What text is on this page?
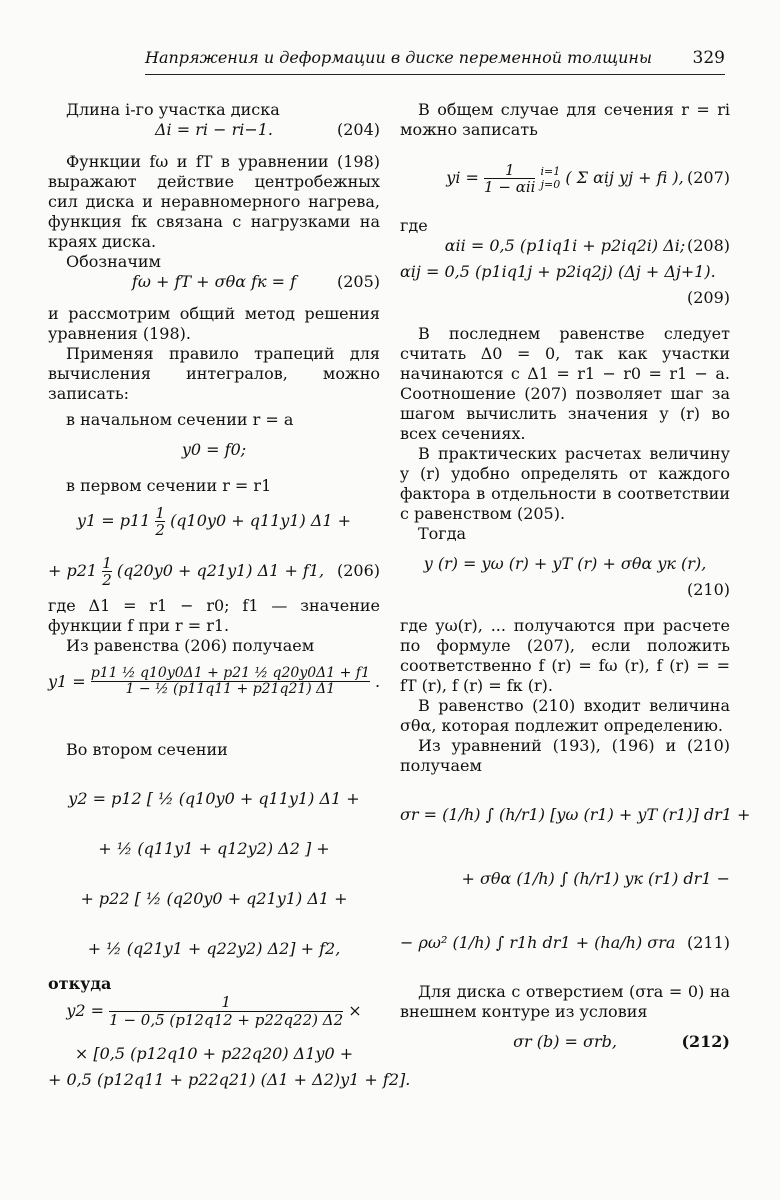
Напряжения и деформации в диске переменной толщины 329

Длина i-го участка диска

Δi = ri − ri−1.	(204)

Функции fω и fT в уравнении (198) выражают действие центробежных сил диска и неравномерного нагрева, функция fк связана с нагрузками на краях диска.

Обозначим

fω + fT + σθα fк = f	(205)

и рассмотрим общий метод решения уравнения (198).

Применяя правило трапеций для вычисления интегралов, можно записать:

в начальном сечении r = a

y0 = f0;

в первом сечении r = r1

$y1 = p11 \frac{1}{2} (q10y0 + q11y1) \Delta 1$ +
+ $p21 \frac{1}{2} (q20y0 + q21y1) \Delta 1 + f1$, (206)

где Δ1 = r1 − r0; f1 — значение функции f при r = r1.

Из равенства (206) получаем

$y1 = \frac{\text{p11 ½ q10y0Δ1 + p21 ½ q20y0Δ1 + f1}}{\text{1 − ½ (p11q11 + p21q21) Δ1}}$ .

Во втором сечении

y2 = p12 [ ½ (q10y0 + q11y1) Δ1 +
+ ½ (q11y1 + q12y2) Δ2 ] +
+ p22 [ ½ (q20y0 + q21y1) Δ1 +
+ ½ (q21y1 + q22y2) Δ2] + f2,

откуда

$y2 = \frac{1}{1 - 0,5 (p12q12 + p22q22) \Delta 2}$ ×
× [0,5 (p12q10 + p22q20) Δ1y0 +
+ 0,5 (p12q11 + p22q21) (Δ1 + Δ2)y1 + f2].

В общем случае для сечения r = ri можно записать

yi = $\frac{1}{\text{1 − αii}}$
i=1
j=0 ( Σ αij yj + fi ), (207)

где

αii = 0,5 (p1iq1i + p2iq2i) Δi; (208)
αij = 0,5 (p1iq1j + p2iq2j) (Δj + Δj+1).
(209)

В последнем равенстве следует считать Δ0 = 0, так как участки начинаются с Δ1 = r1 − r0 = r1 − a. Соотношение (207) позволяет шаг за шагом вычислить значения y (r) во всех сечениях.

В практических расчетах величину y (r) удобно определять от каждого фактора в отдельности в соответствии с равенством (205).

Тогда

y (r) = yω (r) + yT (r) + σθα yк (r),
(210)

где yω(r), ... получаются при расчете по формуле (207), если положить соответственно f (r) = fω (r), f (r) = = fT (r), f (r) = fк (r).

В равенство (210) входит величина σθα, которая подлежит определению.

Из уравнений (193), (196) и (210) получаем

σr = (1/h) ∫ (h/r1) [yω (r1) + yT (r1)] dr1 +
+ σθα (1/h) ∫ (h/r1) yк (r1) dr1 −
− ρω² (1/h) ∫ r1h dr1 + (ha/h) σra (211)

Для диска с отверстием (σra = 0) на внешнем контуре из условия

σr (b) = σrb,	(212)
